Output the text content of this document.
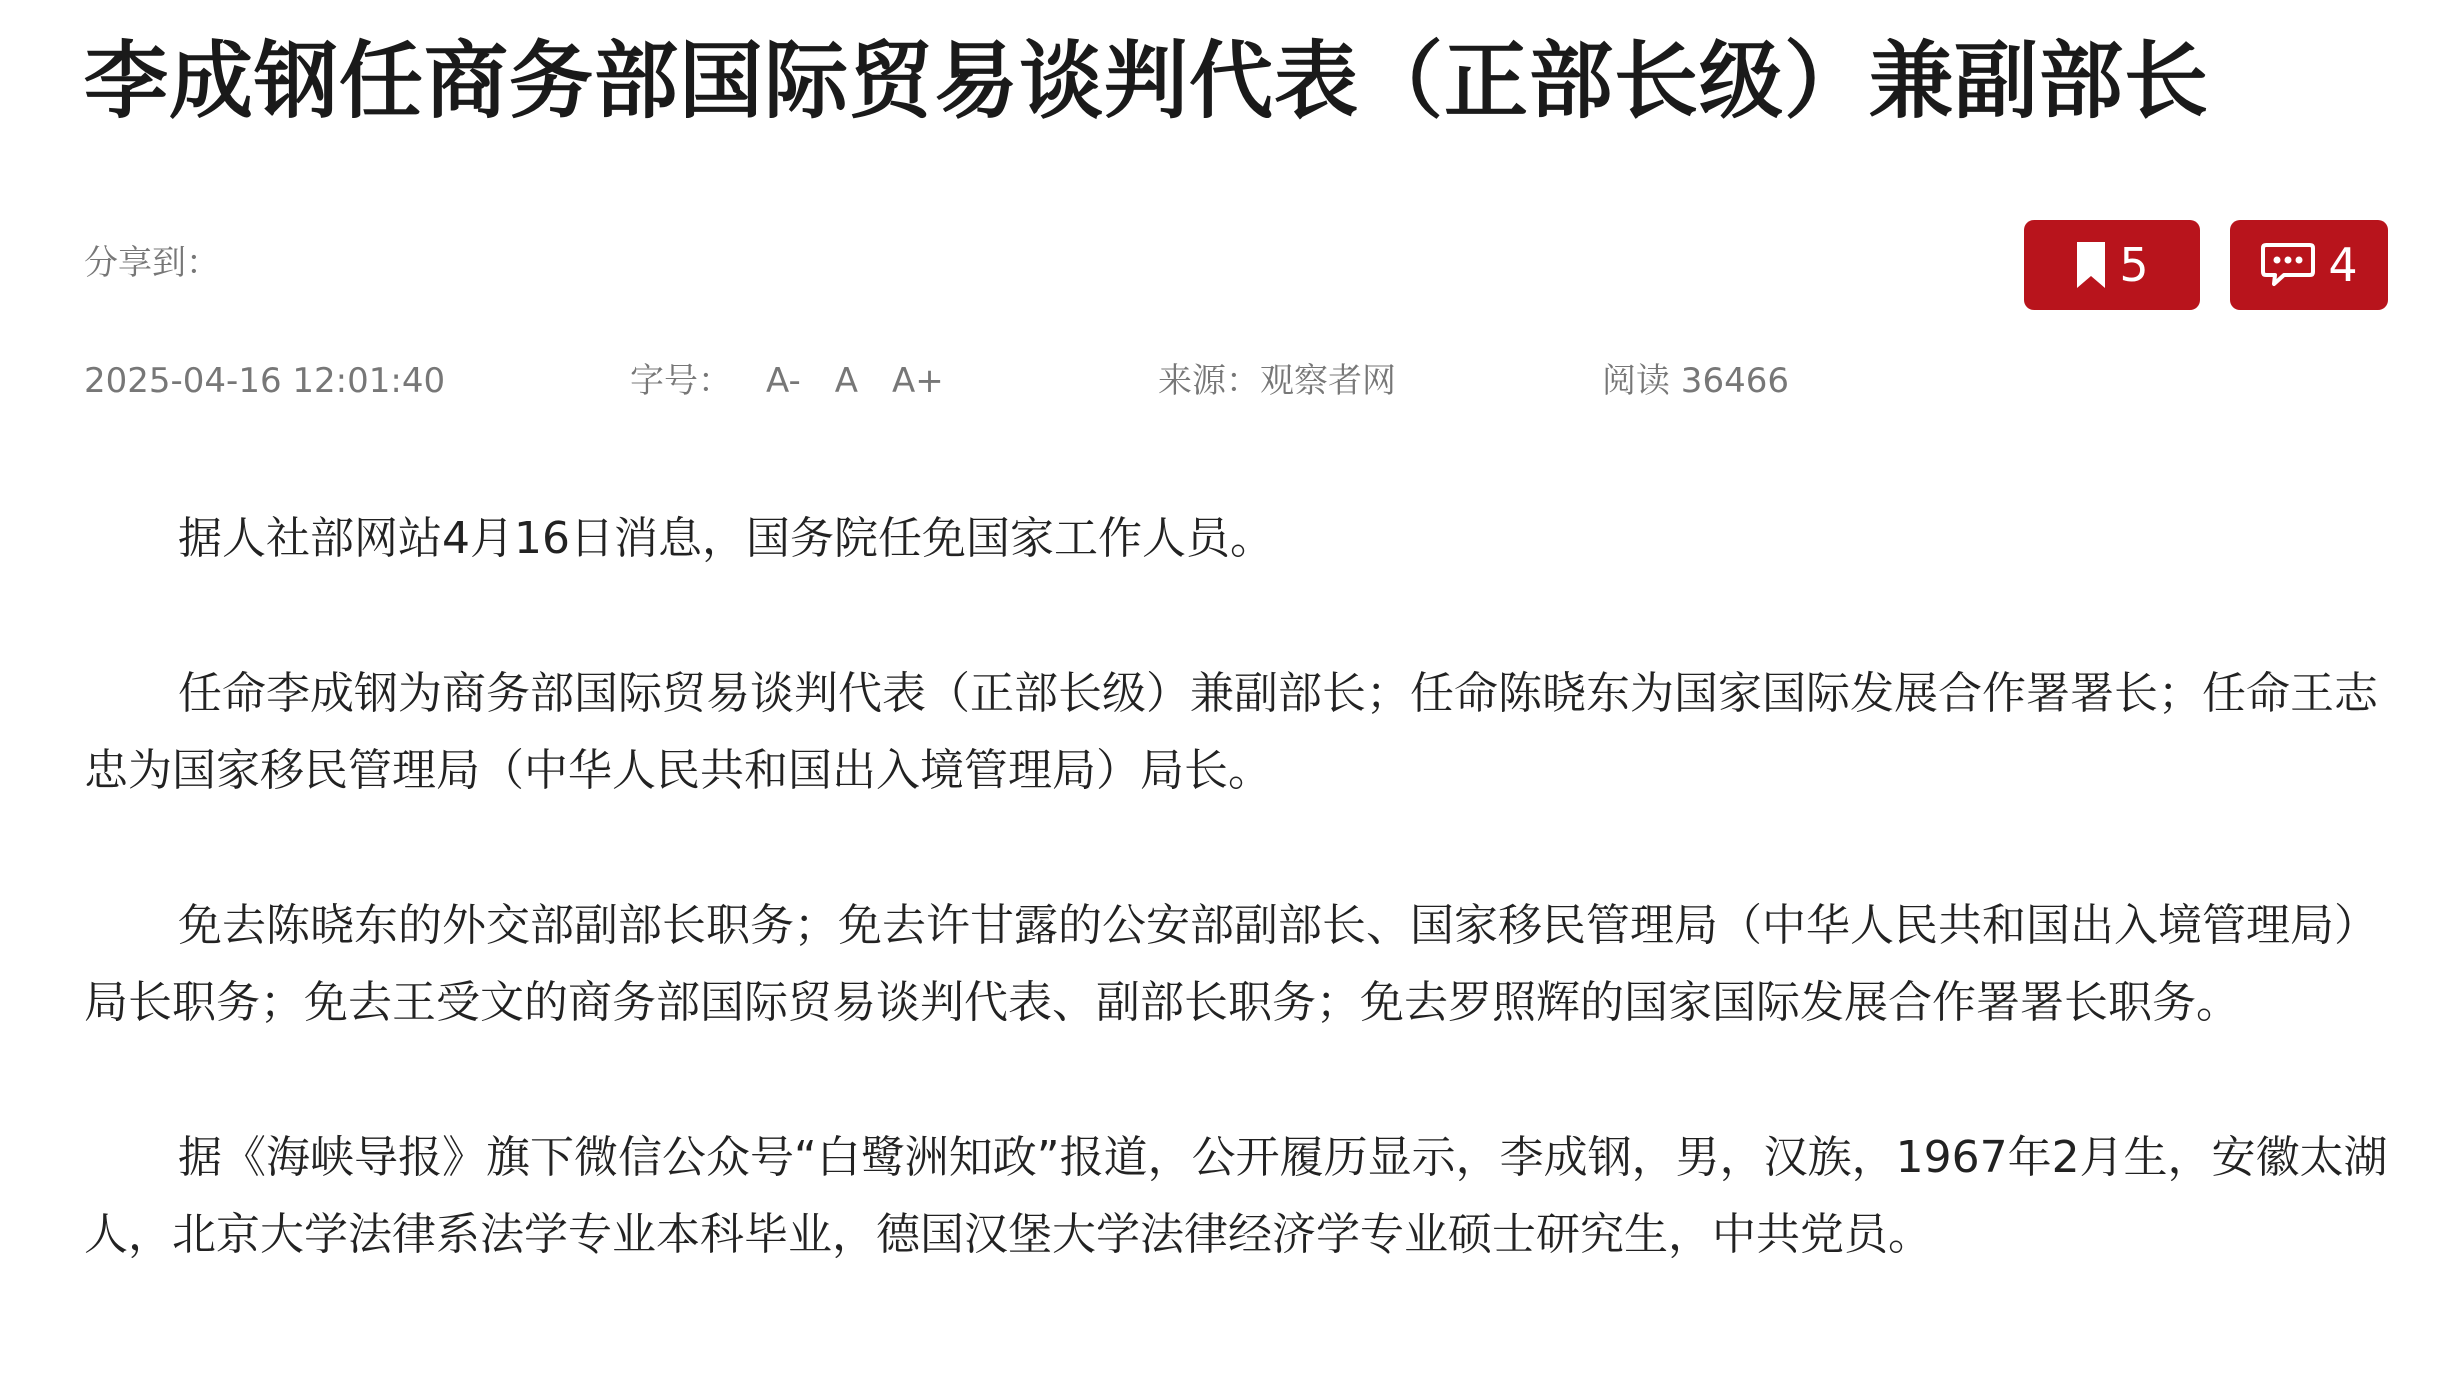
李成钢任商务部国际贸易谈判代表（正部长级）兼副部长
分享到：	5	4
2025-04-16 12:01:40	字号： A- A A+	来源：观察者网	阅读 36466

据人社部网站4月16日消息，国务院任免国家工作人员。

任命李成钢为商务部国际贸易谈判代表（正部长级）兼副部长；任命陈晓东为国家国际发展合作署署长；任命王志忠为国家移民管理局（中华人民共和国出入境管理局）局长。

免去陈晓东的外交部副部长职务；免去许甘露的公安部副部长、国家移民管理局（中华人民共和国出入境管理局）局长职务；免去王受文的商务部国际贸易谈判代表、副部长职务；免去罗照辉的国家国际发展合作署署长职务。

据《海峡导报》旗下微信公众号“白鹭洲知政”报道，公开履历显示，李成钢，男，汉族，1967年2月生，安徽太湖人，北京大学法律系法学专业本科毕业，德国汉堡大学法律经济学专业硕士研究生，中共党员。
